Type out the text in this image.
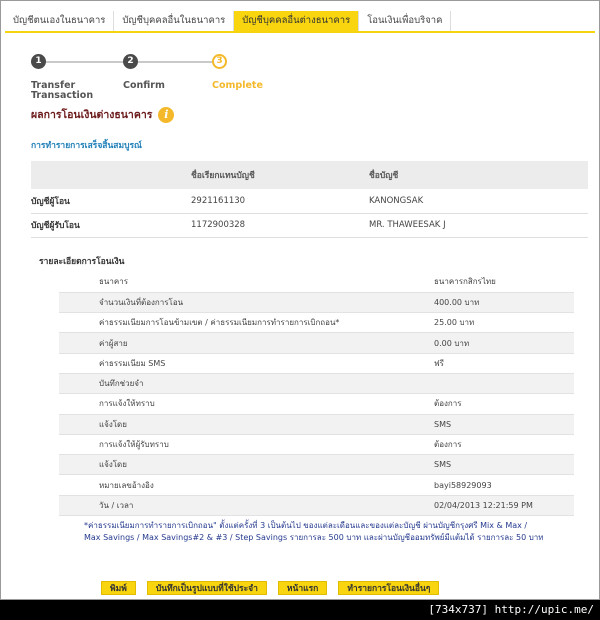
บัญชีตนเองในธนาคาร	บัญชีบุคคลอื่นในธนาคาร	บัญชีบุคคลอื่นต่างธนาคาร	โอนเงินเพื่อบริจาค
1	2	3
Transfer Transaction
Confirm	Complete
ผลการโอนเงินต่างธนาคาร	i
การทำรายการเสร็จสิ้นสมบูรณ์
	ชื่อเรียกแทนบัญชี	ชื่อบัญชี
บัญชีผู้โอน	2921161130	KANONGSAK
บัญชีผู้รับโอน	1172900328	MR. THAWEESAK J
รายละเอียดการโอนเงิน
ธนาคาร	ธนาคารกสิกรไทย
จำนวนเงินที่ต้องการโอน	400.00 บาท
ค่าธรรมเนียมการโอนข้ามเขต / ค่าธรรมเนียมการทำรายการเบิกถอน*	25.00 บาท
ค่าผู้สาย	0.00 บาท
ค่าธรรมเนียม SMS	ฟรี
บันทึกช่วยจำ	
การแจ้งให้ทราบ	ต้องการ
แจ้งโดย	SMS
การแจ้งให้ผู้รับทราบ	ต้องการ
แจ้งโดย	SMS
หมายเลขอ้างอิง	bayi58929093
วัน / เวลา	02/04/2013 12:21:59 PM
*ค่าธรรมเนียมการทำรายการเบิกถอน" ตั้งแต่ครั้งที่ 3 เป็นต้นไป ของแต่ละเดือนและของแต่ละบัญชี ผ่านบัญชีกรุงศรี Mix & Max / Max Savings / Max Savings#2 & #3 / Step Savings รายการละ 500 บาท และผ่านบัญชีออมทรัพย์มีแต้มได้ รายการละ 50 บาท
พิมพ์	บันทึกเป็นรูปแบบที่ใช้ประจำ	หน้าแรก	ทำรายการโอนเงินอื่นๆ
[734x737] http://upic.me/
